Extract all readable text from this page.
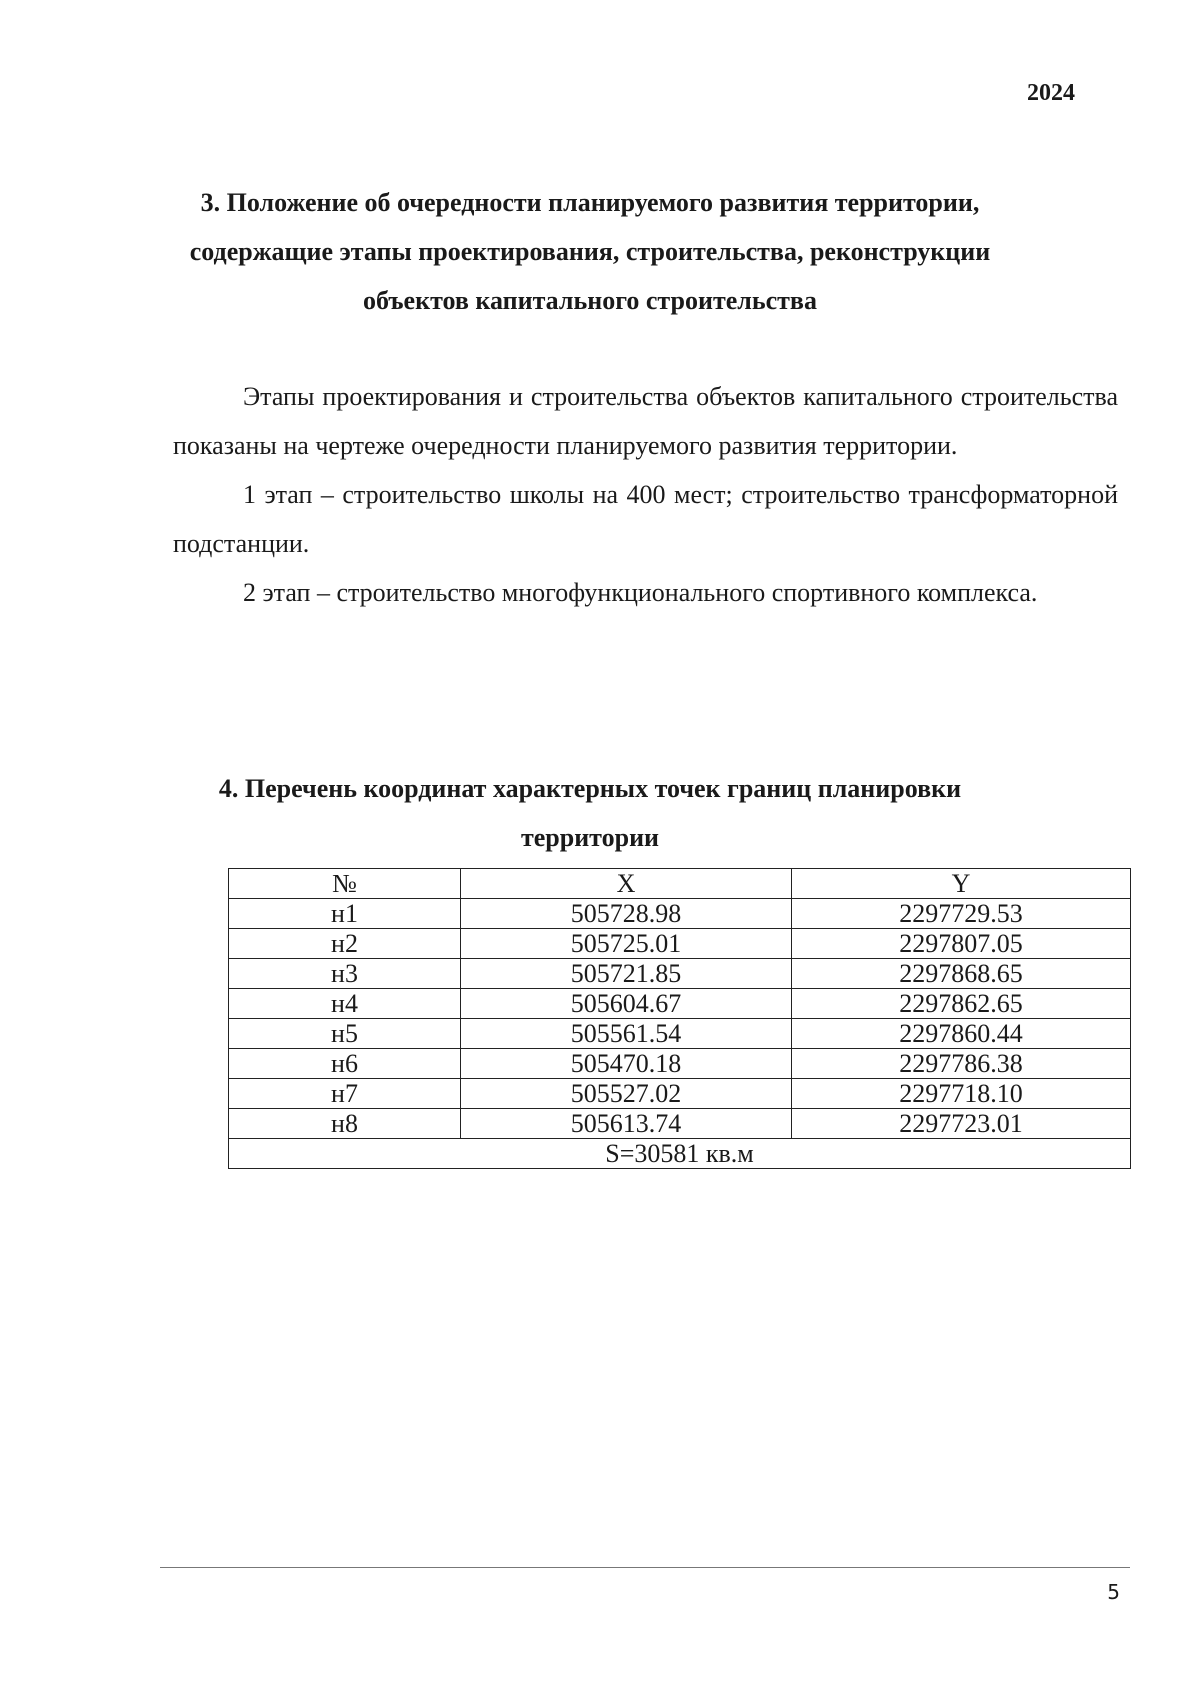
2024
3. Положение об очередности планируемого развития территории,
содержащие этапы проектирования, строительства, реконструкции
объектов капитального строительства

Этапы проектирования и строительства объектов капитального строительства показаны на чертеже очередности планируемого развития территории.

1 этап – строительство школы на 400 мест; строительство трансформаторной подстанции.

2 этап – строительство многофункционального спортивного комплекса.

4. Перечень координат характерных точек границ планировки
территории
№	X	Y
н1	505728.98	2297729.53
н2	505725.01	2297807.05
н3	505721.85	2297868.65
н4	505604.67	2297862.65
н5	505561.54	2297860.44
н6	505470.18	2297786.38
н7	505527.02	2297718.10
н8	505613.74	2297723.01
S=30581 кв.м		
5
